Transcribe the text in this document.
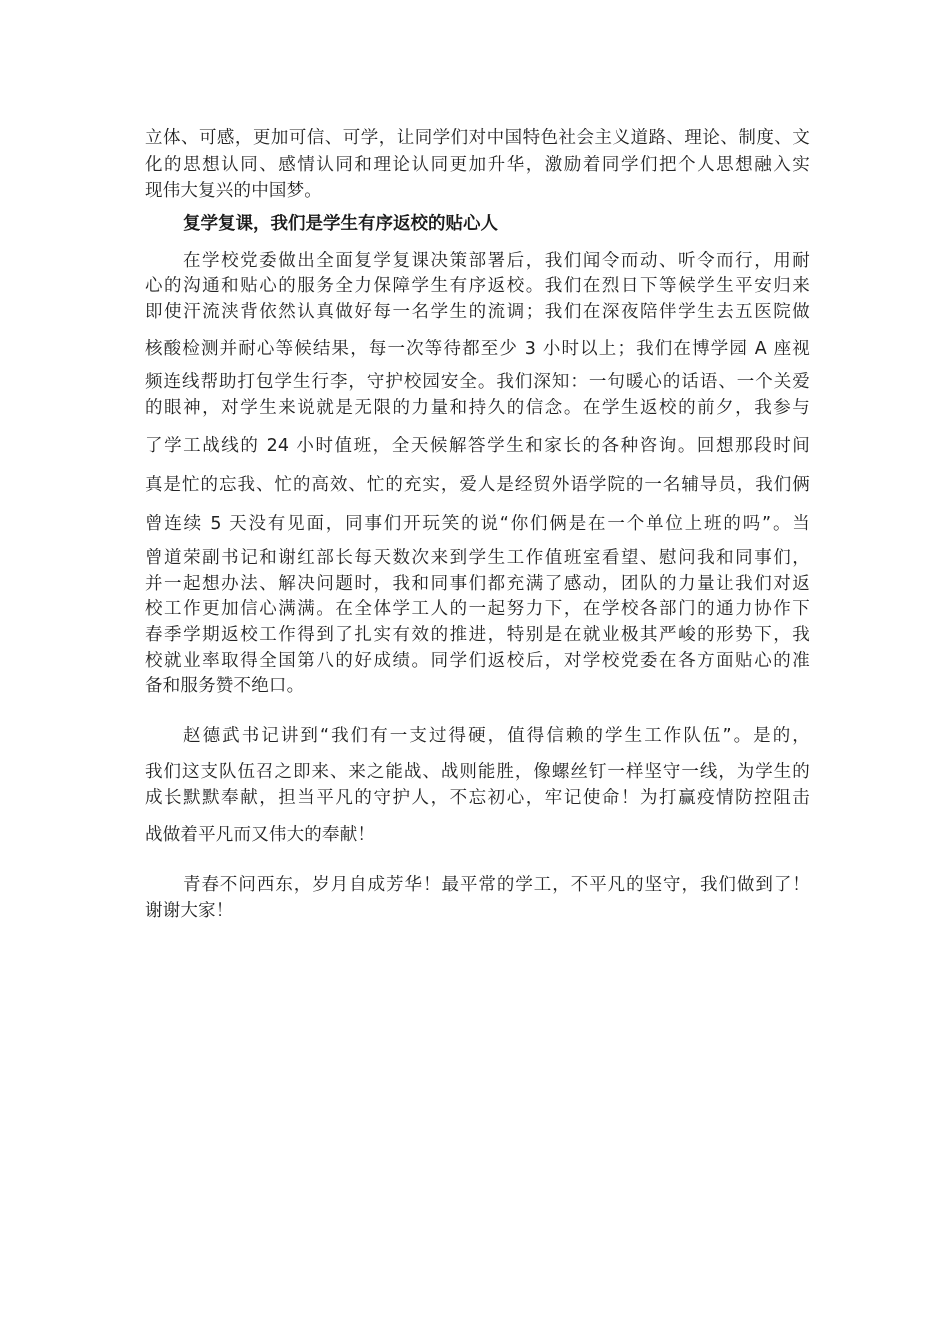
立体、可感，更加可信、可学，让同学们对中国特色社会主义道路、理论、制度、文
化的思想认同、感情认同和理论认同更加升华，激励着同学们把个人思想融入实
现伟大复兴的中国梦。
复学复课，我们是学生有序返校的贴心人
在学校党委做出全面复学复课决策部署后，我们闻令而动、听令而行，用耐
心的沟通和贴心的服务全力保障学生有序返校。我们在烈日下等候学生平安归来
即使汗流浃背依然认真做好每一名学生的流调；我们在深夜陪伴学生去五医院做
核酸检测并耐心等候结果，每一次等待都至少 3 小时以上；我们在博学园 A 座视
频连线帮助打包学生行李，守护校园安全。我们深知：一句暖心的话语、一个关爱
的眼神，对学生来说就是无限的力量和持久的信念。在学生返校的前夕，我参与
了学工战线的 24 小时值班，全天候解答学生和家长的各种咨询。回想那段时间
真是忙的忘我、忙的高效、忙的充实，爱人是经贸外语学院的一名辅导员，我们俩
曾连续 5 天没有见面，同事们开玩笑的说“你们俩是在一个单位上班的吗”。当
曾道荣副书记和谢红部长每天数次来到学生工作值班室看望、慰问我和同事们，
并一起想办法、解决问题时，我和同事们都充满了感动，团队的力量让我们对返
校工作更加信心满满。在全体学工人的一起努力下，在学校各部门的通力协作下
春季学期返校工作得到了扎实有效的推进，特别是在就业极其严峻的形势下，我
校就业率取得全国第八的好成绩。同学们返校后，对学校党委在各方面贴心的准
备和服务赞不绝口。
赵德武书记讲到“我们有一支过得硬，值得信赖的学生工作队伍”。是的，
我们这支队伍召之即来、来之能战、战则能胜，像螺丝钉一样坚守一线，为学生的
成长默默奉献，担当平凡的守护人，不忘初心，牢记使命！为打赢疫情防控阻击
战做着平凡而又伟大的奉献！
青春不问西东，岁月自成芳华！最平常的学工，不平凡的坚守，我们做到了！
谢谢大家！
